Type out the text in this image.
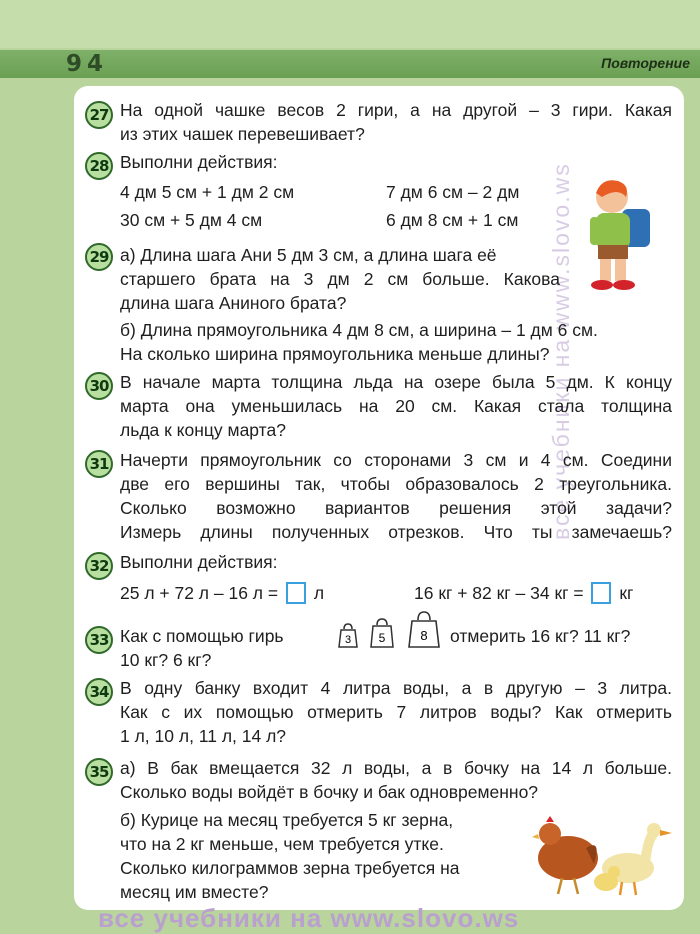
94	Повторение
все учебники на www.slovo.ws
27 На одной чашке весов 2 гири, а на другой – 3 гири. Какая
из этих чашек перевешивает?
28 Выполни действия:
4 дм 5 см + 1 дм 2 см	7 дм 6 см – 2 дм
30 см + 5 дм 4 см	6 дм 8 см + 1 см
29 а) Длина шага Ани 5 дм 3 см, а длина шага её
старшего брата на 3 дм 2 см больше. Какова
длина шага Аниного брата?
б) Длина прямоугольника 4 дм 8 см, а ширина – 1 дм 6 см.
На сколько ширина прямоугольника меньше длины?
30 В начале марта толщина льда на озере была 5 дм. К концу
марта она уменьшилась на 20 см. Какая стала толщина
льда к концу марта?
31 Начерти прямоугольник со сторонами 3 см и 4 см. Соедини
две его вершины так, чтобы образовалось 2 треугольника.
Сколько возможно вариантов решения этой задачи?
Измерь длины полученных отрезков. Что ты замечаешь?
32 Выполни действия:
25 л + 72 л – 16 л = л	16 кг + 82 кг – 34 кг = кг
33 Как с помощью гирь	3 5	8 отмерить 16 кг? 11 кг?
10 кг? 6 кг?
34 В одну банку входит 4 литра воды, а в другую – 3 литра.
Как с их помощью отмерить 7 литров воды? Как отмерить
1 л, 10 л, 11 л, 14 л?
35 а) В бак вмещается 32 л воды, а в бочку на 14 л больше.
Сколько воды войдёт в бочку и бак одновременно?
б) Курице на месяц требуется 5 кг зерна,
что на 2 кг меньше, чем требуется утке.
Сколько килограммов зерна требуется на
месяц им вместе?
все учебники на www.slovo.ws
